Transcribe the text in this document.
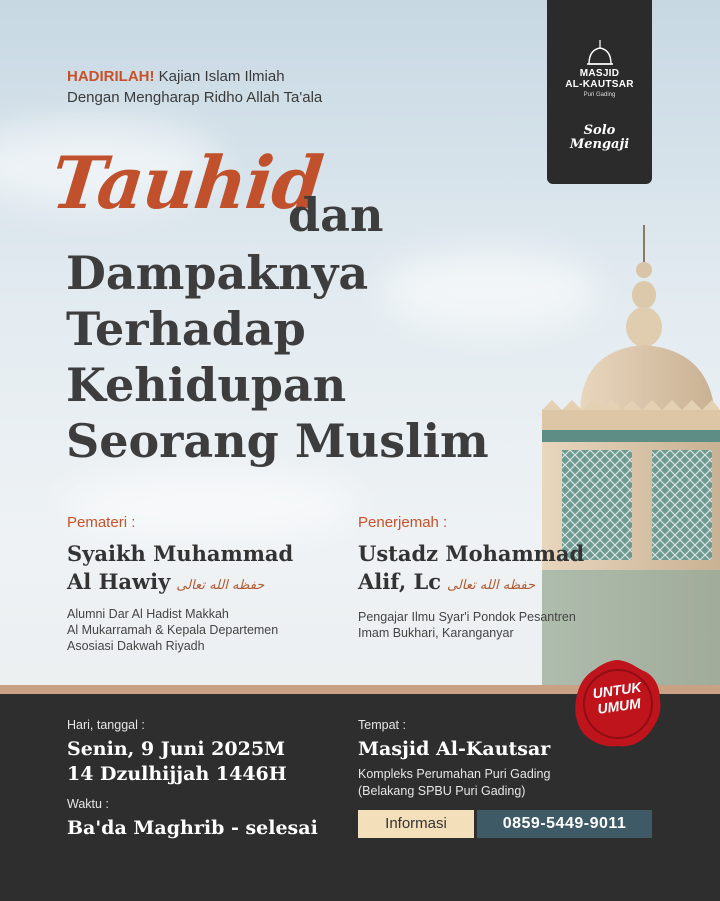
MASJID
AL-KAUTSAR
Puri Gading
Solo
Mengaji
HADIRILAH! Kajian Islam Ilmiah
Dengan Mengharap Ridho Allah Ta'ala
Tauhid
dan
Dampaknya
Terhadap
Kehidupan
Seorang Muslim
Pemateri :
Syaikh Muhammad
Al Hawiy حفظه الله تعالى
Alumni Dar Al Hadist Makkah
Al Mukarramah & Kepala Departemen
Asosiasi Dakwah Riyadh
Penerjemah :
Ustadz Mohammad
Alif, Lc حفظه الله تعالى
Pengajar Ilmu Syar'i Pondok Pesantren
Imam Bukhari, Karanganyar
Hari, tanggal :
Senin, 9 Juni 2025M
14 Dzulhijjah 1446H
Waktu :
Ba'da Maghrib - selesai
Tempat :
Masjid Al-Kautsar
Kompleks Perumahan Puri Gading
(Belakang SPBU Puri Gading)
Informasi	0859-5449-9011
UNTUK
UMUM
